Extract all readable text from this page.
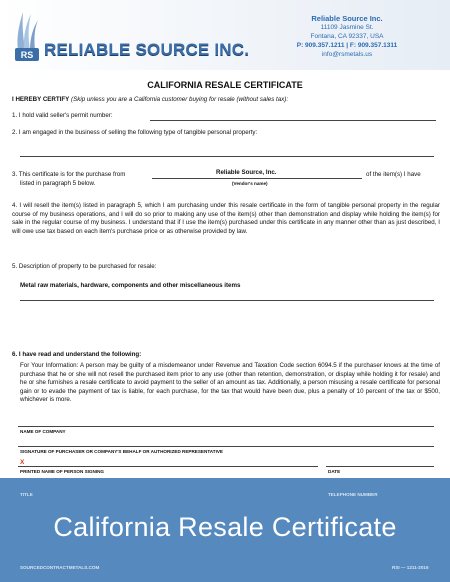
RS RELIABLE SOURCE INC.
Reliable Source Inc.
11109 Jasmine St.
Fontana, CA 92337, USA
P: 909.357.1211 | F: 909.357.1311
info@rsmetals.us
CALIFORNIA RESALE CERTIFICATE
I HEREBY CERTIFY (Skip unless you are a California customer buying for resale (without sales tax):
1. I hold valid seller's permit number:
2. I am engaged in the business of selling the following type of tangible personal property:
3. This certificate is for the purchase from	Reliable Source, Inc.
(Vendor's name)
of the item(s) I have
listed in paragraph 5 below.
4. I will resell the item(s) listed in paragraph 5, which I am purchasing under this resale certificate in the form of tangible personal property in the regular course of my business operations, and I will do so prior to making any use of the item(s) other than demonstration and display while holding the item(s) for sale in the regular course of my business. I understand that if I use the item(s) purchased under this certificate in any manner other than as just described, I will owe use tax based on each item's purchase price or as otherwise provided by law.
5. Description of property to be purchased for resale:
Metal raw materials, hardware, components and other miscellaneous items
6. I have read and understand the following:
For Your Information: A person may be guilty of a misdemeanor under Revenue and Taxation Code section 6094.5 if the purchaser knows at the time of purchase that he or she will not resell the purchased item prior to any use (other than retention, demonstration, or display while holding it for resale) and he or she furnishes a resale certificate to avoid payment to the seller of an amount as tax. Additionally, a person misusing a resale certificate for personal gain or to evade the payment of tax is liable, for each purchase, for the tax that would have been due, plus a penalty of 10 percent of the tax or $500, whichever is more.
NAME OF COMPANY
SIGNATURE OF PURCHASER OR COMPANY'S BEHALF OR AUTHORIZED REPRESENTATIVE
X
PRINTED NAME OF PERSON SIGNING	DATE
TITLE	TELEPHONE NUMBER
California Resale Certificate
SOURCEDCONTRACTMETALS.COM	RSI — 1211-2016
